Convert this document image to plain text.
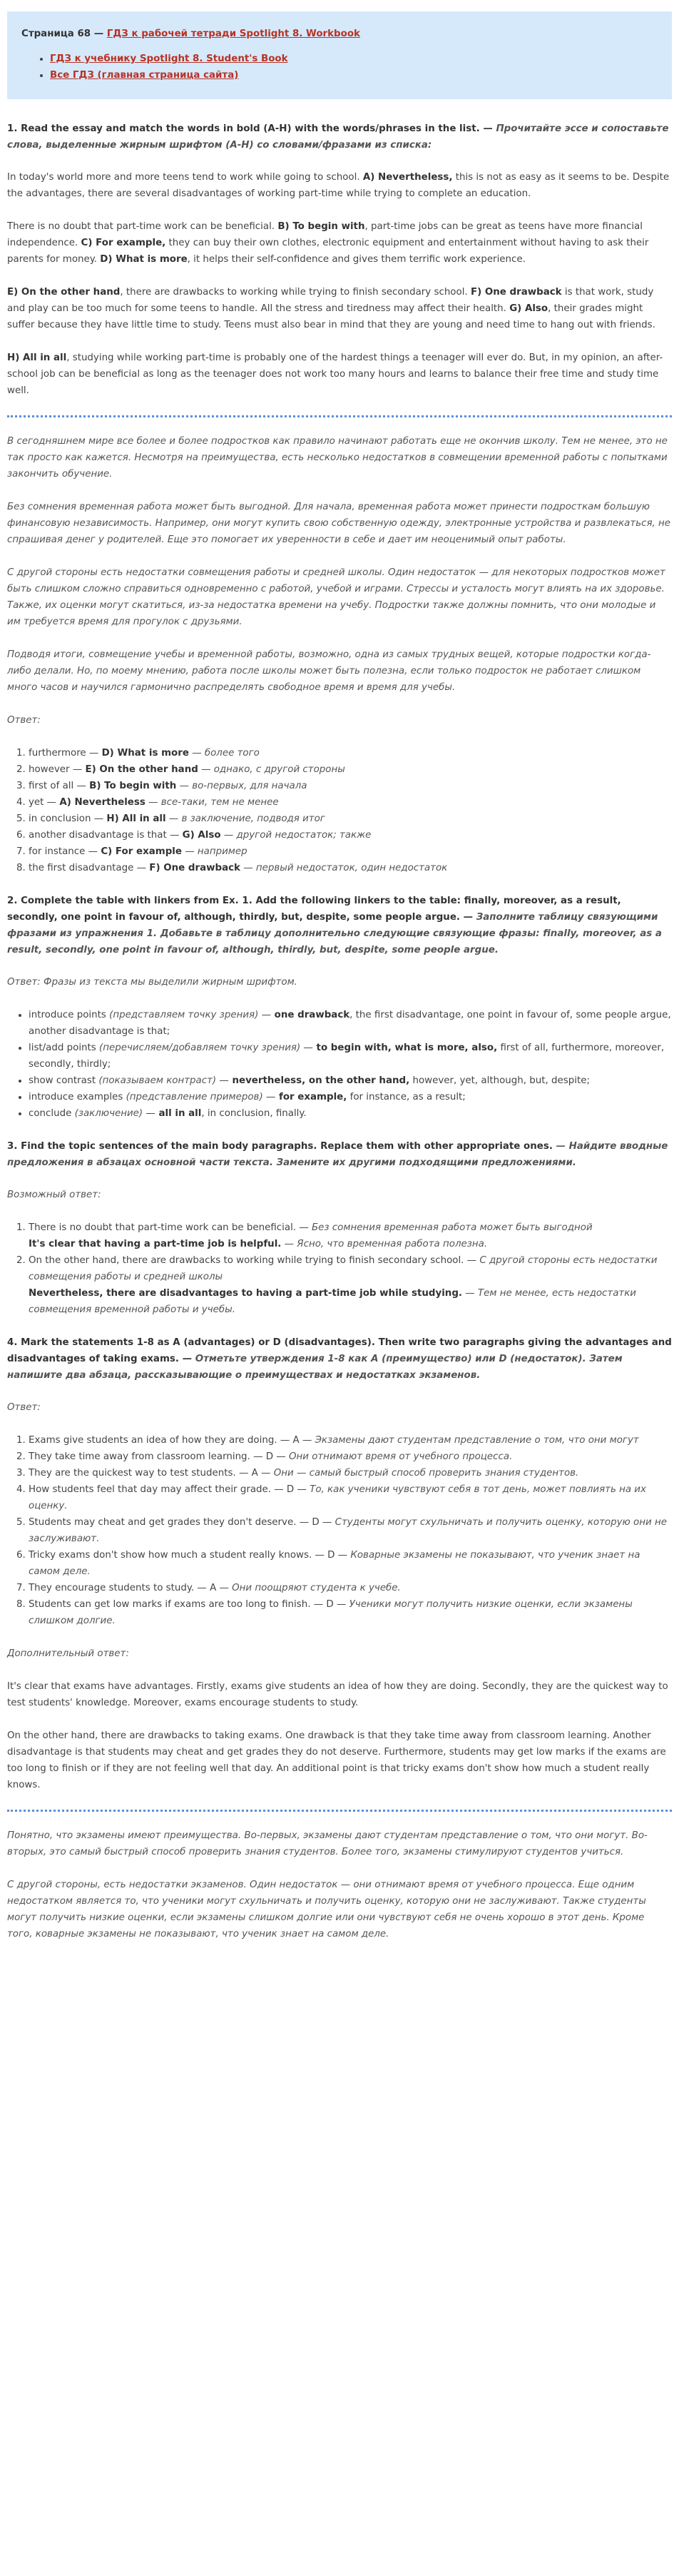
Страница 68 — ГДЗ к рабочей тетради Spotlight 8. Workbook
• ГДЗ к учебнику Spotlight 8. Student's Book
• Все ГДЗ (главная страница сайта)

1. Read the essay and match the words in bold (A-H) with the words/phrases in the list. — Прочитайте эссе и сопоставьте слова, выделенные жирным шрифтом (A-H) со словами/фразами из списка:

In today's world more and more teens tend to work while going to school. A) Nevertheless, this is not as easy as it seems to be. Despite the advantages, there are several disadvantages of working part-time while trying to complete an education.

There is no doubt that part-time work can be beneficial. B) To begin with, part-time jobs can be great as teens have more financial independence. C) For example, they can buy their own clothes, electronic equipment and entertainment without having to ask their parents for money. D) What is more, it helps their self-confidence and gives them terrific work experience.

E) On the other hand, there are drawbacks to working while trying to finish secondary school. F) One drawback is that work, study and play can be too much for some teens to handle. All the stress and tiredness may affect their health. G) Also, their grades might suffer because they have little time to study. Teens must also bear in mind that they are young and need time to hang out with friends.

H) All in all, studying while working part-time is probably one of the hardest things a teenager will ever do. But, in my opinion, an after-school job can be beneficial as long as the teenager does not work too many hours and learns to balance their free time and study time well.

В сегодняшнем мире все более и более подростков как правило начинают работать еще не окончив школу. Тем не менее, это не так просто как кажется. Несмотря на преимущества, есть несколько недостатков в совмещении временной работы с попытками закончить обучение.

Без сомнения временная работа может быть выгодной. Для начала, временная работа может принести подросткам большую финансовую независимость. Например, они могут купить свою собственную одежду, электронные устройства и развлекаться, не спрашивая денег у родителей. Еще это помогает их уверенности в себе и дает им неоценимый опыт работы.

С другой стороны есть недостатки совмещения работы и средней школы. Один недостаток — для некоторых подростков может быть слишком сложно справиться одновременно с работой, учебой и играми. Стрессы и усталость могут влиять на их здоровье. Также, их оценки могут скатиться, из-за недостатка времени на учебу. Подростки также должны помнить, что они молодые и им требуется время для прогулок с друзьями.

Подводя итоги, совмещение учебы и временной работы, возможно, одна из самых трудных вещей, которые подростки когда-либо делали. Но, по моему мнению, работа после школы может быть полезна, если только подросток не работает слишком много часов и научился гармонично распределять свободное время и время для учебы.

Ответ:

1. furthermore — D) What is more — более того
2. however — E) On the other hand — однако, с другой стороны
3. first of all — B) To begin with — во-первых, для начала
4. yet — A) Nevertheless — все-таки, тем не менее
5. in conclusion — H) All in all — в заключение, подводя итог
6. another disadvantage is that — G) Also — другой недостаток; также
7. for instance — C) For example — например
8. the first disadvantage — F) One drawback — первый недостаток, один недостаток

2. Complete the table with linkers from Ex. 1. Add the following linkers to the table: finally, moreover, as a result, secondly, one point in favour of, although, thirdly, but, despite, some people argue. — Заполните таблицу связующими фразами из упражнения 1. Добавьте в таблицу дополнительно следующие связующие фразы: finally, moreover, as a result, secondly, one point in favour of, although, thirdly, but, despite, some people argue.

Ответ: Фразы из текста мы выделили жирным шрифтом.

• introduce points (представляем точку зрения) — one drawback, the first disadvantage, one point in favour of, some people argue, another disadvantage is that;
• list/add points (перечисляем/добавляем точку зрения) — to begin with, what is more, also, first of all, furthermore, moreover, secondly, thirdly;
• show contrast (показываем контраст) — nevertheless, on the other hand, however, yet, although, but, despite;
• introduce examples (представление примеров) — for example, for instance, as a result;
• conclude (заключение) — all in all, in conclusion, finally.

3. Find the topic sentences of the main body paragraphs. Replace them with other appropriate ones. — Найдите вводные предложения в абзацах основной части текста. Замените их другими подходящими предложениями.

Возможный ответ:

1. There is no doubt that part-time work can be beneficial. — Без сомнения временная работа может быть выгодной
It's clear that having a part-time job is helpful. — Ясно, что временная работа полезна.
2. On the other hand, there are drawbacks to working while trying to finish secondary school. — С другой стороны есть недостатки совмещения работы и средней школы
Nevertheless, there are disadvantages to having a part-time job while studying. — Тем не менее, есть недостатки совмещения временной работы и учебы.

4. Mark the statements 1-8 as A (advantages) or D (disadvantages). Then write two paragraphs giving the advantages and disadvantages of taking exams. — Отметьте утверждения 1-8 как A (преимущество) или D (недостаток). Затем напишите два абзаца, рассказывающие о преимуществах и недостатках экзаменов.

Ответ:

1. Exams give students an idea of how they are doing. — A — Экзамены дают студентам представление о том, что они могут
2. They take time away from classroom learning. — D — Они отнимают время от учебного процесса.
3. They are the quickest way to test students. — A — Они — самый быстрый способ проверить знания студентов.
4. How students feel that day may affect their grade. — D — То, как ученики чувствуют себя в тот день, может повлиять на их оценку.
5. Students may cheat and get grades they don't deserve. — D — Студенты могут схульничать и получить оценку, которую они не заслуживают.
6. Tricky exams don't show how much a student really knows. — D — Коварные экзамены не показывают, что ученик знает на самом деле.
7. They encourage students to study. — A — Они поощряют студента к учебе.
8. Students can get low marks if exams are too long to finish. — D — Ученики могут получить низкие оценки, если экзамены слишком долгие.

Дополнительный ответ:

It's clear that exams have advantages. Firstly, exams give students an idea of how they are doing. Secondly, they are the quickest way to test students' knowledge. Moreover, exams encourage students to study.

On the other hand, there are drawbacks to taking exams. One drawback is that they take time away from classroom learning. Another disadvantage is that students may cheat and get grades they do not deserve. Furthermore, students may get low marks if the exams are too long to finish or if they are not feeling well that day. An additional point is that tricky exams don't show how much a student really knows.

Понятно, что экзамены имеют преимущества. Во-первых, экзамены дают студентам представление о том, что они могут. Во-вторых, это самый быстрый способ проверить знания студентов. Более того, экзамены стимулируют студентов учиться.

С другой стороны, есть недостатки экзаменов. Один недостаток — они отнимают время от учебного процесса. Еще одним недостатком является то, что ученики могут схульничать и получить оценку, которую они не заслуживают. Также студенты могут получить низкие оценки, если экзамены слишком долгие или они чувствуют себя не очень хорошо в этот день. Кроме того, коварные экзамены не показывают, что ученик знает на самом деле.
